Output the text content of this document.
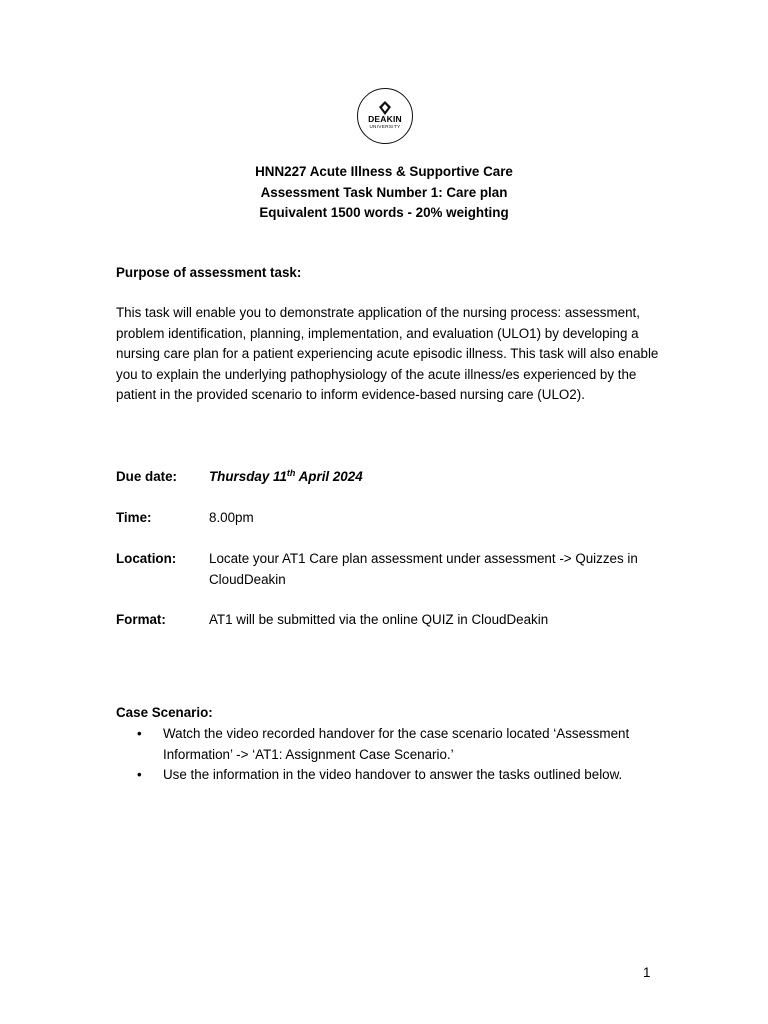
DEAKIN
UNIVERSITY
HNN227 Acute Illness & Supportive Care
Assessment Task Number 1: Care plan
Equivalent 1500 words - 20% weighting
Purpose of assessment task:
This task will enable you to demonstrate application of the nursing process: assessment, problem identification, planning, implementation, and evaluation (ULO1) by developing a nursing care plan for a patient experiencing acute episodic illness. This task will also enable you to explain the underlying pathophysiology of the acute illness/es experienced by the patient in the provided scenario to inform evidence-based nursing care (ULO2).
Due date: Thursday 11th April 2024
Time:	8.00pm
Location: Locate your AT1 Care plan assessment under assessment -> Quizzes in CloudDeakin
Format:	AT1 will be submitted via the online QUIZ in CloudDeakin
Case Scenario:
• Watch the video recorded handover for the case scenario located ‘Assessment Information’ -> ‘AT1: Assignment Case Scenario.’
• Use the information in the video handover to answer the tasks outlined below.
1
